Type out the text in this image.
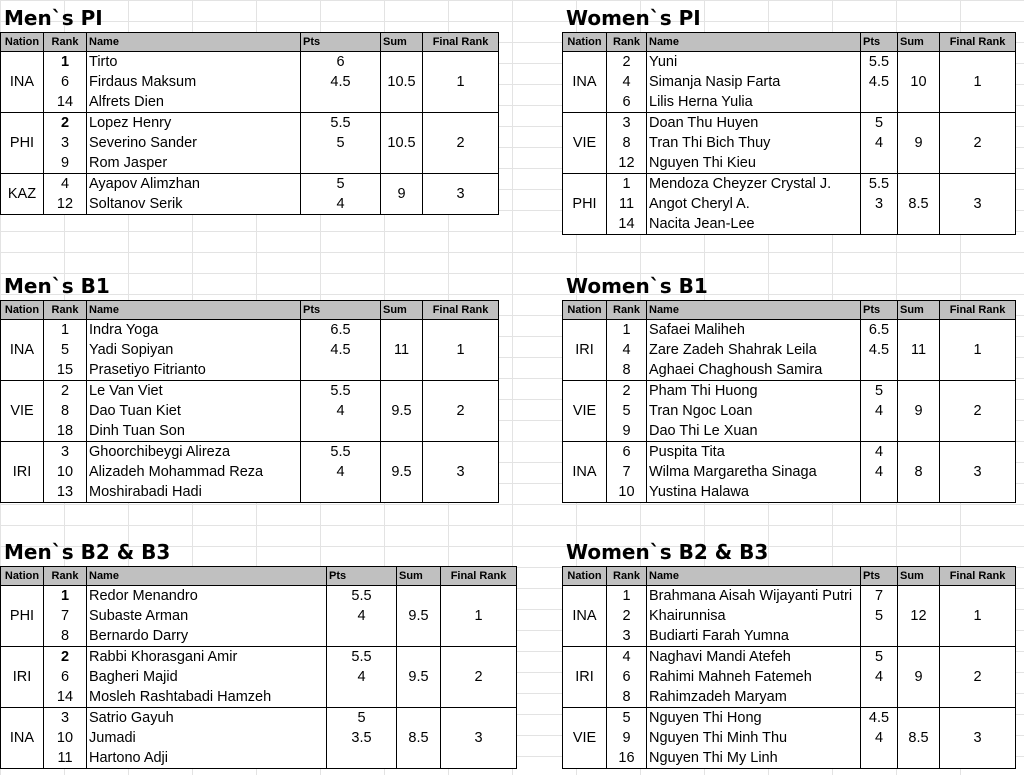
Men`s PI
Nation	Rank	Name	Pts	Sum	Final Rank
INA	1	Tirto	6	10.5	1
	6	Firdaus Maksum	4.5		
	14	Alfrets Dien			
PHI	2	Lopez Henry	5.5	10.5	2
	3	Severino Sander	5		
	9	Rom Jasper			
KAZ	4	Ayapov Alimzhan	5	9	3
	12	Soltanov Serik	4		
Women`s PI
Nation	Rank	Name	Pts	Sum	Final Rank
INA	2	Yuni	5.5	10	1
	4	Simanja Nasip Farta	4.5		
	6	Lilis Herna Yulia			
VIE	3	Doan Thu Huyen	5	9	2
	8	Tran Thi Bich Thuy	4		
	12	Nguyen Thi Kieu			
PHI	1	Mendoza Cheyzer Crystal J.	5.5	8.5	3
	11	Angot Cheryl A.	3		
	14	Nacita Jean-Lee			
Men`s B1
Nation	Rank	Name	Pts	Sum	Final Rank
INA	1	Indra Yoga	6.5	11	1
	5	Yadi Sopiyan	4.5		
	15	Prasetiyo Fitrianto			
VIE	2	Le Van Viet	5.5	9.5	2
	8	Dao Tuan Kiet	4		
	18	Dinh Tuan Son			
IRI	3	Ghoorchibeygi Alireza	5.5	9.5	3
	10	Alizadeh Mohammad Reza	4		
	13	Moshirabadi Hadi			
Women`s B1
Nation	Rank	Name	Pts	Sum	Final Rank
IRI	1	Safaei Maliheh	6.5	11	1
	4	Zare Zadeh Shahrak Leila	4.5		
	8	Aghaei Chaghoush Samira			
VIE	2	Pham Thi Huong	5	9	2
	5	Tran Ngoc Loan	4		
	9	Dao Thi Le Xuan			
INA	6	Puspita Tita	4	8	3
	7	Wilma Margaretha Sinaga	4		
	10	Yustina Halawa			
Men`s B2 & B3
Nation	Rank	Name	Pts	Sum	Final Rank
PHI	1	Redor Menandro	5.5	9.5	1
	7	Subaste Arman	4		
	8	Bernardo Darry			
IRI	2	Rabbi Khorasgani Amir	5.5	9.5	2
	6	Bagheri Majid	4		
	14	Mosleh Rashtabadi Hamzeh			
INA	3	Satrio Gayuh	5	8.5	3
	10	Jumadi	3.5		
	11	Hartono Adji			
Women`s B2 & B3
Nation	Rank	Name	Pts	Sum	Final Rank
INA	1	Brahmana Aisah Wijayanti Putri	7	12	1
	2	Khairunnisa	5		
	3	Budiarti Farah Yumna			
IRI	4	Naghavi Mandi Atefeh	5	9	2
	6	Rahimi Mahneh Fatemeh	4		
	8	Rahimzadeh Maryam			
VIE	5	Nguyen Thi Hong	4.5	8.5	3
	9	Nguyen Thi Minh Thu	4		
	16	Nguyen Thi My Linh			
